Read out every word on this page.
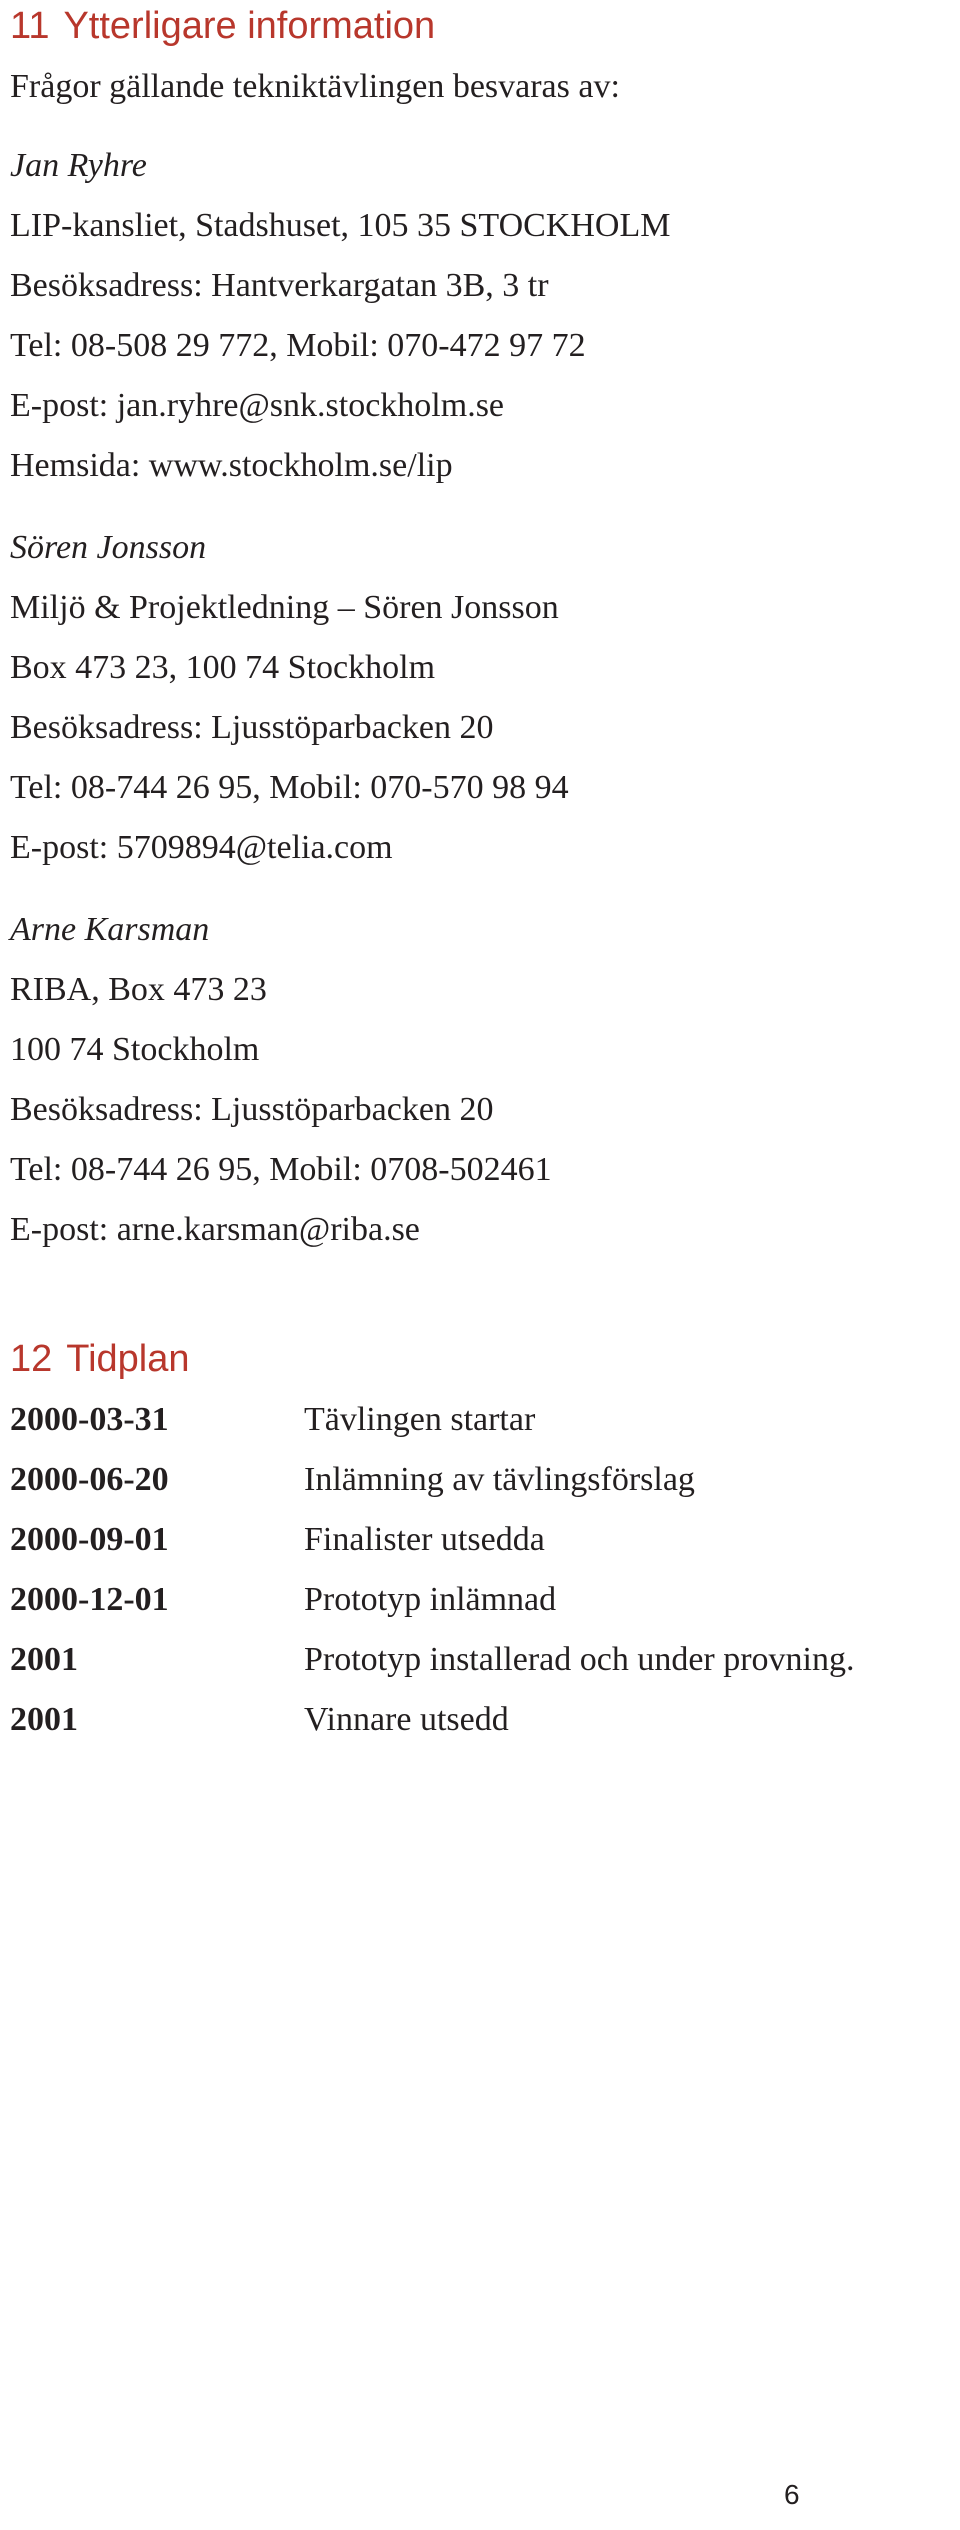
11 Ytterligare information

Frågor gällande tekniktävlingen besvaras av:

Jan Ryhre

LIP-kansliet, Stadshuset, 105 35 STOCKHOLM

Besöksadress: Hantverkargatan 3B, 3 tr

Tel: 08-508 29 772, Mobil: 070-472 97 72

E-post: jan.ryhre@snk.stockholm.se

Hemsida: www.stockholm.se/lip

Sören Jonsson

Miljö & Projektledning – Sören Jonsson

Box 473 23, 100 74 Stockholm

Besöksadress: Ljusstöparbacken 20

Tel: 08-744 26 95, Mobil: 070-570 98 94

E-post: 5709894@telia.com

Arne Karsman

RIBA, Box 473 23

100 74 Stockholm

Besöksadress: Ljusstöparbacken 20

Tel: 08-744 26 95, Mobil: 0708-502461

E-post: arne.karsman@riba.se

12 Tidplan
2000-03-31	Tävlingen startar
2000-06-20	Inlämning av tävlingsförslag
2000-09-01	Finalister utsedda
2000-12-01	Prototyp inlämnad
2001	Prototyp installerad och under provning.
2001	Vinnare utsedd

6
